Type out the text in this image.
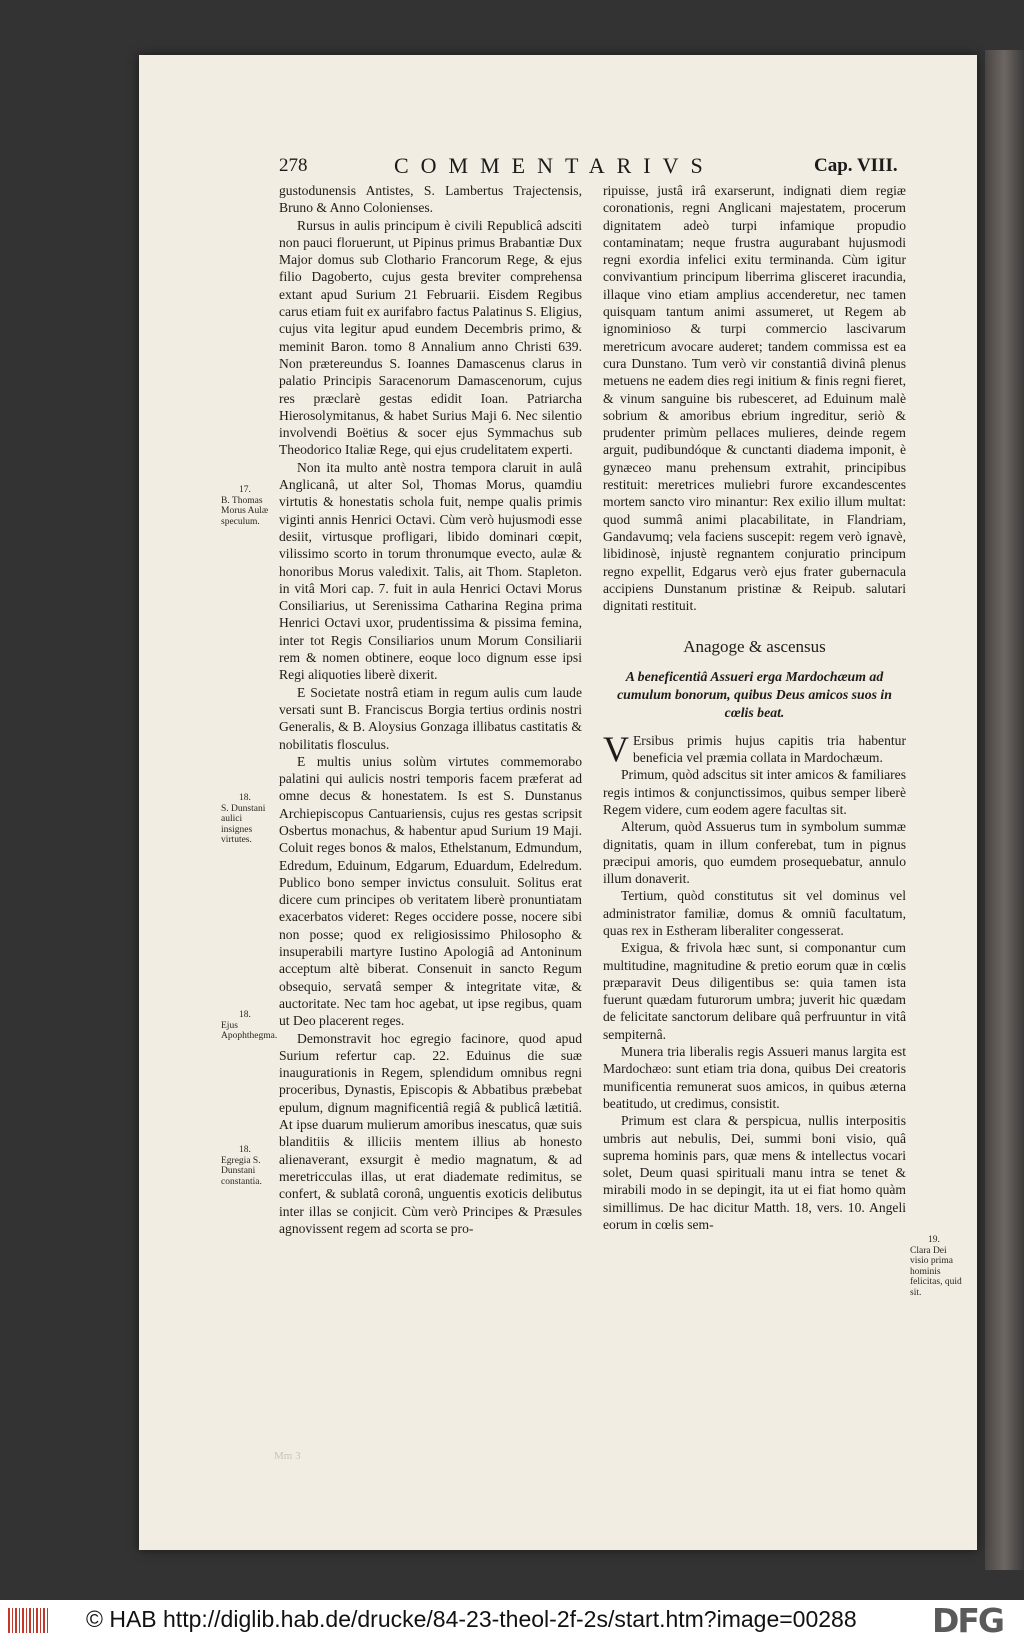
278	COMMENTARIVS	Cap. VIII.

gustodunensis Antistes, S. Lambertus Trajectensis, Bruno & Anno Colonienses.

Rursus in aulis principum è civili Republicâ adsciti non pauci floruerunt, ut Pipinus primus Brabantiæ Dux Major domus sub Clothario Francorum Rege, & ejus filio Dagoberto, cujus gesta breviter comprehensa extant apud Surium 21 Februarii. Eisdem Regibus carus etiam fuit ex aurifabro factus Palatinus S. Eligius, cujus vita legitur apud eundem Decembris primo, & meminit Baron. tomo 8 Annalium anno Christi 639. Non prætereundus S. Ioannes Damascenus clarus in palatio Principis Saracenorum Damascenorum, cujus res præclarè gestas edidit Ioan. Patriarcha Hierosolymitanus, & habet Surius Maji 6. Nec silentio involvendi Boëtius & socer ejus Symmachus sub Theodorico Italiæ Rege, qui ejus crudelitatem experti.

Non ita multo antè nostra tempora claruit in aulâ Anglicanâ, ut alter Sol, Thomas Morus, quamdiu virtutis & honestatis schola fuit, nempe qualis primis viginti annis Henrici Octavi. Cùm verò hujusmodi esse desiit, virtusque profligari, libido dominari cœpit, vilissimo scorto in torum thronumque evecto, aulæ & honoribus Morus valedixit. Talis, ait Thom. Stapleton. in vitâ Mori cap. 7. fuit in aula Henrici Octavi Morus Consiliarius, ut Serenissima Catharina Regina prima Henrici Octavi uxor, prudentissima & pissima femina, inter tot Regis Consiliarios unum Morum Consiliarii rem & nomen obtinere, eoque loco dignum esse ipsi Regi aliquoties liberè dixerit.

E Societate nostrâ etiam in regum aulis cum laude versati sunt B. Franciscus Borgia tertius ordinis nostri Generalis, & B. Aloysius Gonzaga illibatus castitatis & nobilitatis flosculus.

E multis unius solùm virtutes commemorabo palatini qui aulicis nostri temporis facem præferat ad omne decus & honestatem. Is est S. Dunstanus Archiepiscopus Cantuariensis, cujus res gestas scripsit Osbertus monachus, & habentur apud Surium 19 Maji. Coluit reges bonos & malos, Ethelstanum, Edmundum, Edredum, Eduinum, Edgarum, Eduardum, Edelredum. Publico bono semper invictus consuluit. Solitus erat dicere cum principes ob veritatem liberè pronuntiatam exacerbatos videret: Reges occidere posse, nocere sibi non posse; quod ex religiosissimo Philosopho & insuperabili martyre Iustino Apologiâ ad Antoninum acceptum altè biberat. Consenuit in sancto Regum obsequio, servatâ semper & integritate vitæ, & auctoritate. Nec tam hoc agebat, ut ipse regibus, quam ut Deo placerent reges.

Demonstravit hoc egregio facinore, quod apud Surium refertur cap. 22. Eduinus die suæ inaugurationis in Regem, splendidum omnibus regni proceribus, Dynastis, Episcopis & Abbatibus præbebat epulum, dignum magnificentiâ regiâ & publicâ lætitiâ. At ipse duarum mulierum amoribus inescatus, quæ suis blanditiis & illiciis mentem illius ab honesto alienaverant, exsurgit è medio magnatum, & ad meretricculas illas, ut erat diademate redimitus, se confert, & sublatâ coronâ, unguentis exoticis delibutus inter illas se conjicit. Cùm verò Principes & Præsules agnovissent regem ad scorta se pro-

ripuisse, justâ irâ exarserunt, indignati diem regiæ coronationis, regni Anglicani majestatem, procerum dignitatem adeò turpi infamique propudio contaminatam; neque frustra augurabant hujusmodi regni exordia infelici exitu terminanda. Cùm igitur convivantium principum liberrima glisceret iracundia, illaque vino etiam amplius accenderetur, nec tamen quisquam tantum animi assumeret, ut Regem ab ignominioso & turpi commercio lascivarum meretricum avocare auderet; tandem commissa est ea cura Dunstano. Tum verò vir constantiâ divinâ plenus metuens ne eadem dies regi initium & finis regni fieret, & vinum sanguine bis rubesceret, ad Eduinum malè sobrium & amoribus ebrium ingreditur, seriò & prudenter primùm pellaces mulieres, deinde regem arguit, pudibundóque & cunctanti diadema imponit, è gynæceo manu prehensum extrahit, principibus restituit: meretrices muliebri furore excandescentes mortem sancto viro minantur: Rex exilio illum multat: quod summâ animi placabilitate, in Flandriam, Gandavumq; vela faciens suscepit: regem verò ignavè, libidinosè, injustè regnantem conjuratio principum regno expellit, Edgarus verò ejus frater gubernacula accipiens Dunstanum pristinæ & Reipub. salutari dignitati restituit.

Anagoge & ascensus
A beneficentiâ Assueri erga Mardochæum ad cumulum bonorum, quibus Deus amicos suos in cœlis beat.

V Ersibus primis hujus capitis tria habentur beneficia vel præmia collata in Mardochæum.

Primum, quòd adscitus sit inter amicos & familiares regis intimos & conjunctissimos, quibus semper liberè Regem videre, cum eodem agere facultas sit.

Alterum, quòd Assuerus tum in symbolum summæ dignitatis, quam in illum conferebat, tum in pignus præcipui amoris, quo eumdem prosequebatur, annulo illum donaverit.

Tertium, quòd constitutus sit vel dominus vel administrator familiæ, domus & omniũ facultatum, quas rex in Estheram liberaliter congesserat.

Exigua, & frivola hæc sunt, si componantur cum multitudine, magnitudine & pretio eorum quæ in cœlis præparavit Deus diligentibus se: quia tamen ista fuerunt quædam futurorum umbra; juverit hic quædam de felicitate sanctorum delibare quâ perfruuntur in vitâ sempiternâ.

Munera tria liberalis regis Assueri manus largita est Mardochæo: sunt etiam tria dona, quibus Dei creatoris munificentia remunerat suos amicos, in quibus æterna beatitudo, ut credimus, consistit.

Primum est clara & perspicua, nullis interpositis umbris aut nebulis, Dei, summi boni visio, quâ suprema hominis pars, quæ mens & intellectus vocari solet, Deum quasi spirituali manu intra se tenet & mirabili modo in se depingit, ita ut ei fiat homo quàm simillimus. De hac dicitur Matth. 18, vers. 10. Angeli eorum in cœlis sem-

17.
B. Thomas Morus Aulæ speculum.
18.
S. Dunstani aulici insignes virtutes.
18.
Ejus Apophthegma.
18.
Egregia S. Dunstani constantia.
19.
Clara Dei visio prima hominis felicitas, quid sit.
Mm 3
© HAB http://diglib.hab.de/drucke/84-23-theol-2f-2s/start.htm?image=00288 DFG
